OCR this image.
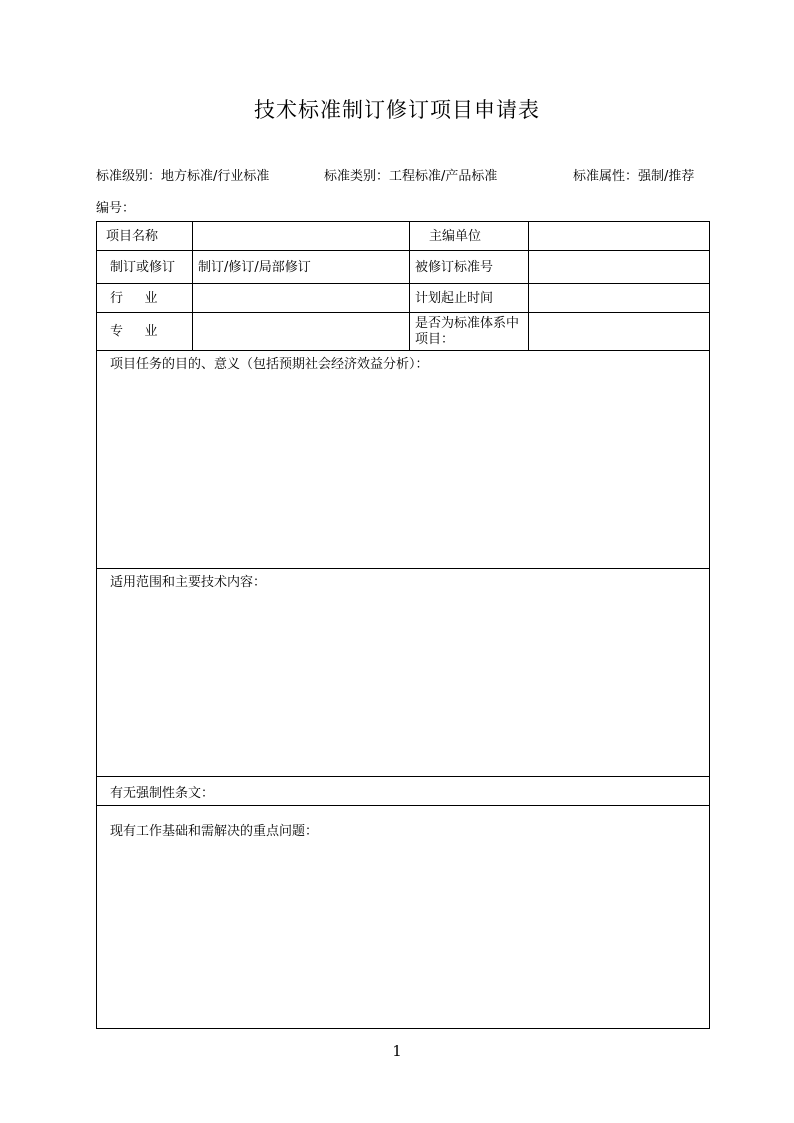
技术标准制订修订项目申请表
标准级别：地方标准/行业标准	标准类别：工程标准/产品标准	标准属性：强制/推荐
编号：
项目名称		主编单位	

制订或修订	制订/修订/局部修订	被修订标准号	

行    业		计划起止时间	

专    业		是否为标准体系中项目：	

项目任务的目的、意义（包括预期社会经济效益分析）：			

适用范围和主要技术内容：			

有无强制性条文：			

现有工作基础和需解决的重点问题：			
1
